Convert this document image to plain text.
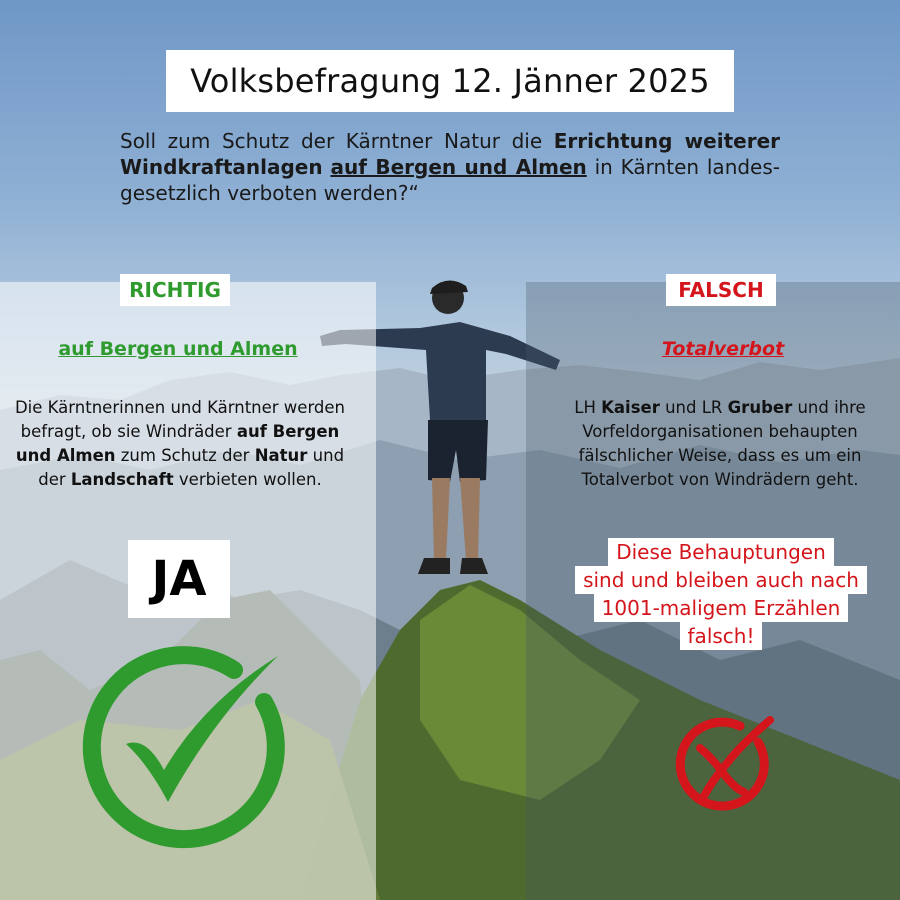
Volksbefragung 12. Jänner 2025
Soll zum Schutz der Kärntner Natur die Errichtung weiterer Windkraftanlagen auf Bergen und Almen in Kärnten landesgesetzlich verboten werden?“
RICHTIG	FALSCH
auf Bergen und Almen	Totalverbot
Die Kärntnerinnen und Kärntner werden befragt, ob sie Windräder auf Bergen und Almen zum Schutz der Natur und der Landschaft verbieten wollen.
LH Kaiser und LR Gruber und ihre Vorfeldorganisationen behaupten fälschlicher Weise, dass es um ein Totalverbot von Windrädern geht.
JA	Diese Behauptungen
sind und bleiben auch nach
1001-maligem Erzählen
falsch!
